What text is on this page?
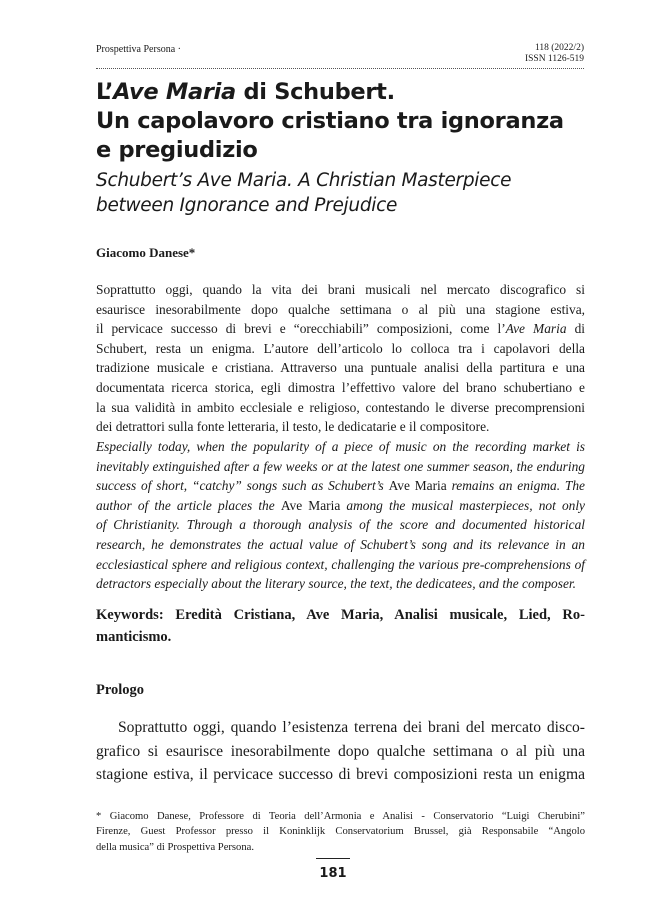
Prospettiva Persona ·	118 (2022/2)
ISSN 1126-519
L’Ave Maria di Schubert.
Un capolavoro cristiano tra ignoranza
e pregiudizio
Schubert’s Ave Maria. A Christian Masterpiece
between Ignorance and Prejudice
Giacomo Danese*
Soprattutto oggi, quando la vita dei brani musicali nel mercato discografico si
esaurisce inesorabilmente dopo qualche settimana o al più una stagione estiva,
il pervicace successo di brevi e “orecchiabili” composizioni, come l’Ave Maria di
Schubert, resta un enigma. L’autore dell’articolo lo colloca tra i capolavori della
tradizione musicale e cristiana. Attraverso una puntuale analisi della partitura e una
documentata ricerca storica, egli dimostra l’effettivo valore del brano schubertiano e
la sua validità in ambito ecclesiale e religioso, contestando le diverse precomprensioni
dei detrattori sulla fonte letteraria, il testo, le dedicatarie e il compositore.
Especially today, when the popularity of a piece of music on the recording market is
inevitably extinguished after a few weeks or at the latest one summer season, the enduring
success of short, “catchy” songs such as Schubert’s Ave Maria remains an enigma. The
author of the article places the Ave Maria among the musical masterpieces, not only
of Christianity. Through a thorough analysis of the score and documented historical
research, he demonstrates the actual value of Schubert’s song and its relevance in an
ecclesiastical sphere and religious context, challenging the various pre-comprehensions of
detractors especially about the literary source, the text, the dedicatees, and the composer.
Keywords: Eredità Cristiana, Ave Maria, Analisi musicale, Lied, Ro-
manticismo.
Prologo
Soprattutto oggi, quando l’esistenza terrena dei brani del mercato disco-
grafico si esaurisce inesorabilmente dopo qualche settimana o al più una
stagione estiva, il pervicace successo di brevi composizioni resta un enigma
* Giacomo Danese, Professore di Teoria dell’Armonia e Analisi - Conservatorio “Luigi Cherubini”
Firenze, Guest Professor presso il Koninklijk Conservatorium Brussel, già Responsabile “Angolo
della musica” di Prospettiva Persona.
181
